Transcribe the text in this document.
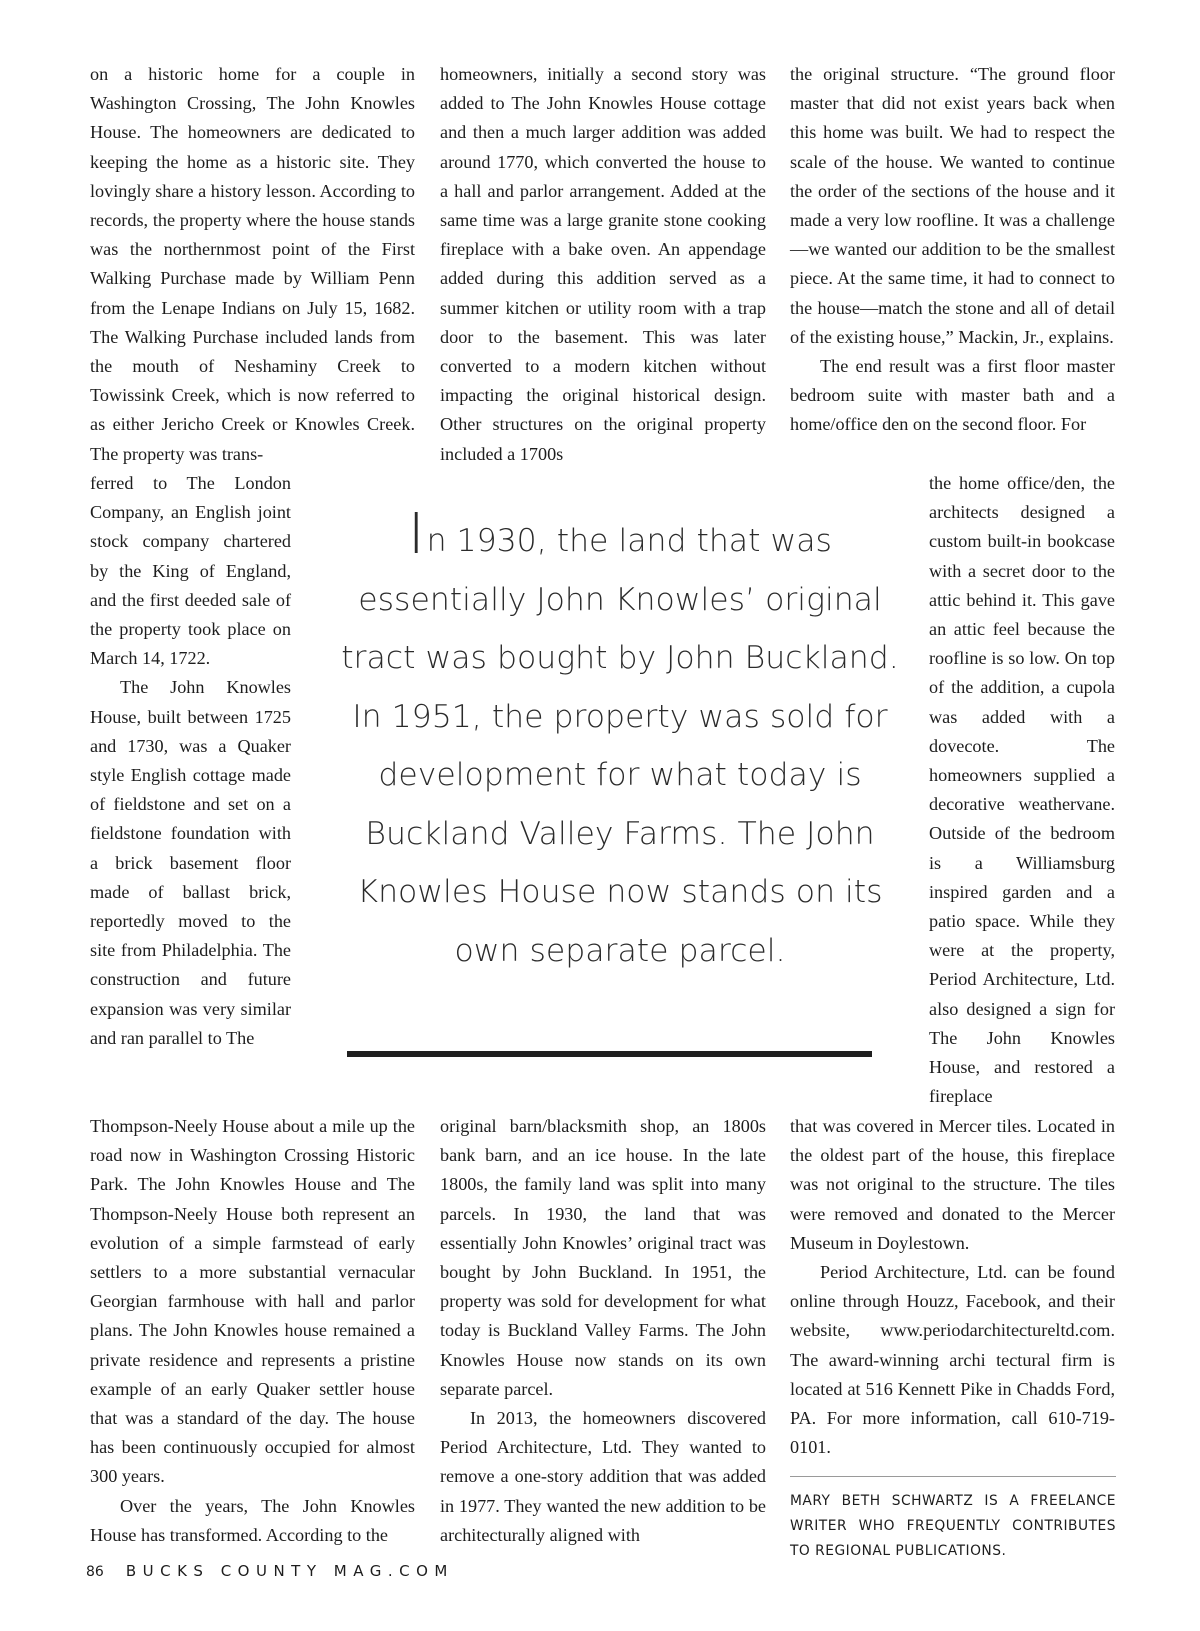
on a historic home for a couple in Washington Crossing, The John Knowles House. The homeowners are dedicated to keeping the home as a historic site. They lovingly share a history lesson. According to records, the property where the house stands was the northernmost point of the First Walking Purchase made by William Penn from the Lenape Indians on July 15, 1682. The Walking Purchase included lands from the mouth of Neshaminy Creek to Towissink Creek, which is now referred to as either Jericho Creek or Knowles Creek. The property was trans-

ferred to The London Company, an English joint stock company chartered by the King of England, and the first deeded sale of the property took place on March 14, 1722.

The John Knowles House, built between 1725 and 1730, was a Quaker style English cottage made of fieldstone and set on a fieldstone foundation with a brick basement floor made of ballast brick, reportedly moved to the site from Philadelphia. The construction and future expansion was very similar and ran parallel to The

Thompson-Neely House about a mile up the road now in Washington Crossing Historic Park. The John Knowles House and The Thompson-Neely House both represent an evolution of a simple farmstead of early settlers to a more substantial vernacular Georgian farmhouse with hall and parlor plans. The John Knowles house remained a private residence and represents a pristine example of an early Quaker settler house that was a standard of the day. The house has been continuously occupied for almost 300 years.

Over the years, The John Knowles House has transformed. According to the

homeowners, initially a second story was added to The John Knowles House cottage and then a much larger addition was added around 1770, which converted the house to a hall and parlor arrangement. Added at the same time was a large granite stone cooking fireplace with a bake oven. An appendage added during this addition served as a summer kitchen or utility room with a trap door to the basement. This was later converted to a modern kitchen without impacting the original historical design. Other structures on the original property included a 1700s

original barn/blacksmith shop, an 1800s bank barn, and an ice house. In the late 1800s, the family land was split into many parcels. In 1930, the land that was essentially John Knowles’ original tract was bought by John Buckland. In 1951, the property was sold for development for what today is Buckland Valley Farms. The John Knowles House now stands on its own separate parcel.

In 2013, the homeowners discovered Period Architecture, Ltd. They wanted to remove a one-story addition that was added in 1977. They wanted the new addition to be architecturally aligned with

the original structure. “The ground floor master that did not exist years back when this home was built. We had to respect the scale of the house. We wanted to continue the order of the sections of the house and it made a very low roofline. It was a challenge—we wanted our addition to be the smallest piece. At the same time, it had to connect to the house—match the stone and all of detail of the existing house,” Mackin, Jr., explains.

The end result was a first floor master bedroom suite with master bath and a home/office den on the second floor. For

the home office/den, the architects designed a custom built-in bookcase with a secret door to the attic behind it. This gave an attic feel because the roofline is so low. On top of the addition, a cupola was added with a dovecote. The homeowners supplied a decorative weathervane. Outside of the bedroom is a Williamsburg inspired garden and a patio space. While they were at the property, Period Architecture, Ltd. also designed a sign for The John Knowles House, and restored a fireplace

that was covered in Mercer tiles. Located in the oldest part of the house, this fireplace was not original to the structure. The tiles were removed and donated to the Mercer Museum in Doylestown.

Period Architecture, Ltd. can be found online through Houzz, Facebook, and their website, www.periodarchitectureltd.com. The award-winning archi tectural firm is located at 516 Kennett Pike in Chadds Ford, PA. For more information, call 610-719-0101.

In 1930, the land that was essentially John Knowles’ original tract was bought by John Buckland. In 1951, the property was sold for development for what today is Buckland Valley Farms. The John Knowles House now stands on its own separate parcel.

MARY BETH SCHWARTZ IS A FREELANCE WRITER WHO FREQUENTLY CONTRIBUTES TO REGIONAL PUBLICATIONS.

86 BUCKS COUNTY MAG.COM
